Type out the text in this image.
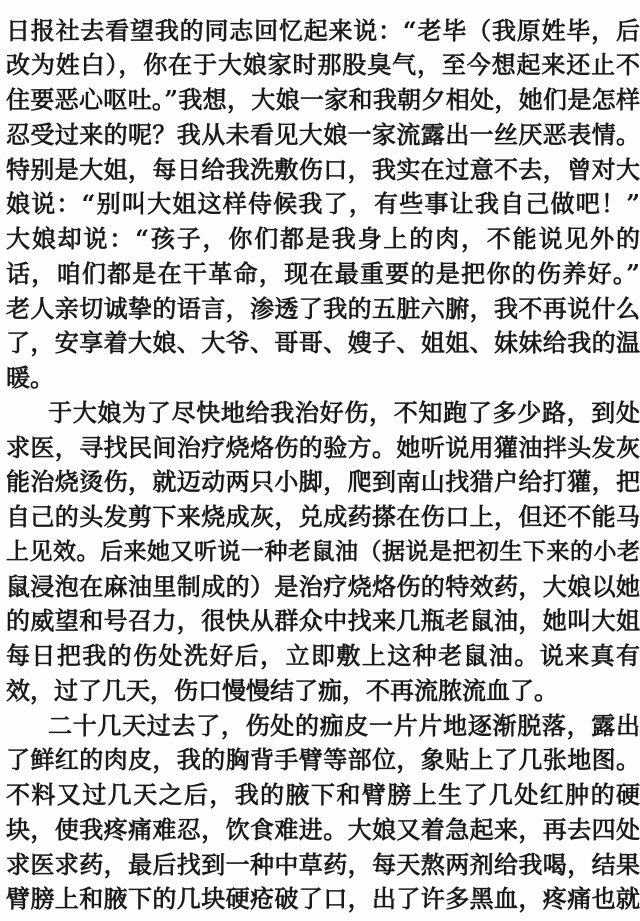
日报社去看望我的同志回忆起来说：“老毕（我原姓毕，后
改为姓白），你在于大娘家时那股臭气，至今想起来还止不
住要恶心呕吐。”我想，大娘一家和我朝夕相处，她们是怎样
忍受过来的呢？我从未看见大娘一家流露出一丝厌恶表情。
特别是大姐，每日给我洗敷伤口，我实在过意不去，曾对大
娘说：“别叫大姐这样侍候我了，有些事让我自己做吧！”
大娘却说：“孩子，你们都是我身上的肉，不能说见外的
话，咱们都是在干革命，现在最重要的是把你的伤养好。”
老人亲切诚挚的语言，渗透了我的五脏六腑，我不再说什么
了，安享着大娘、大爷、哥哥、嫂子、姐姐、妹妹给我的温
暖。
于大娘为了尽快地给我治好伤，不知跑了多少路，到处
求医，寻找民间治疗烧烙伤的验方。她听说用獾油拌头发灰
能治烧烫伤，就迈动两只小脚，爬到南山找猎户给打獾，把
自己的头发剪下来烧成灰，兑成药搽在伤口上，但还不能马
上见效。后来她又听说一种老鼠油（据说是把初生下来的小老
鼠浸泡在麻油里制成的）是治疗烧烙伤的特效药，大娘以她
的威望和号召力，很快从群众中找来几瓶老鼠油，她叫大姐
每日把我的伤处洗好后，立即敷上这种老鼠油。说来真有
效，过了几天，伤口慢慢结了痂，不再流脓流血了。
二十几天过去了，伤处的痂皮一片片地逐渐脱落，露出
了鲜红的肉皮，我的胸背手臂等部位，象贴上了几张地图。
不料又过几天之后，我的腋下和臂膀上生了几处红肿的硬
块，使我疼痛难忍，饮食难进。大娘又着急起来，再去四处
求医求药，最后找到一种中草药，每天熬两剂给我喝，结果
臂膀上和腋下的几块硬疮破了口，出了许多黑血，疼痛也就
